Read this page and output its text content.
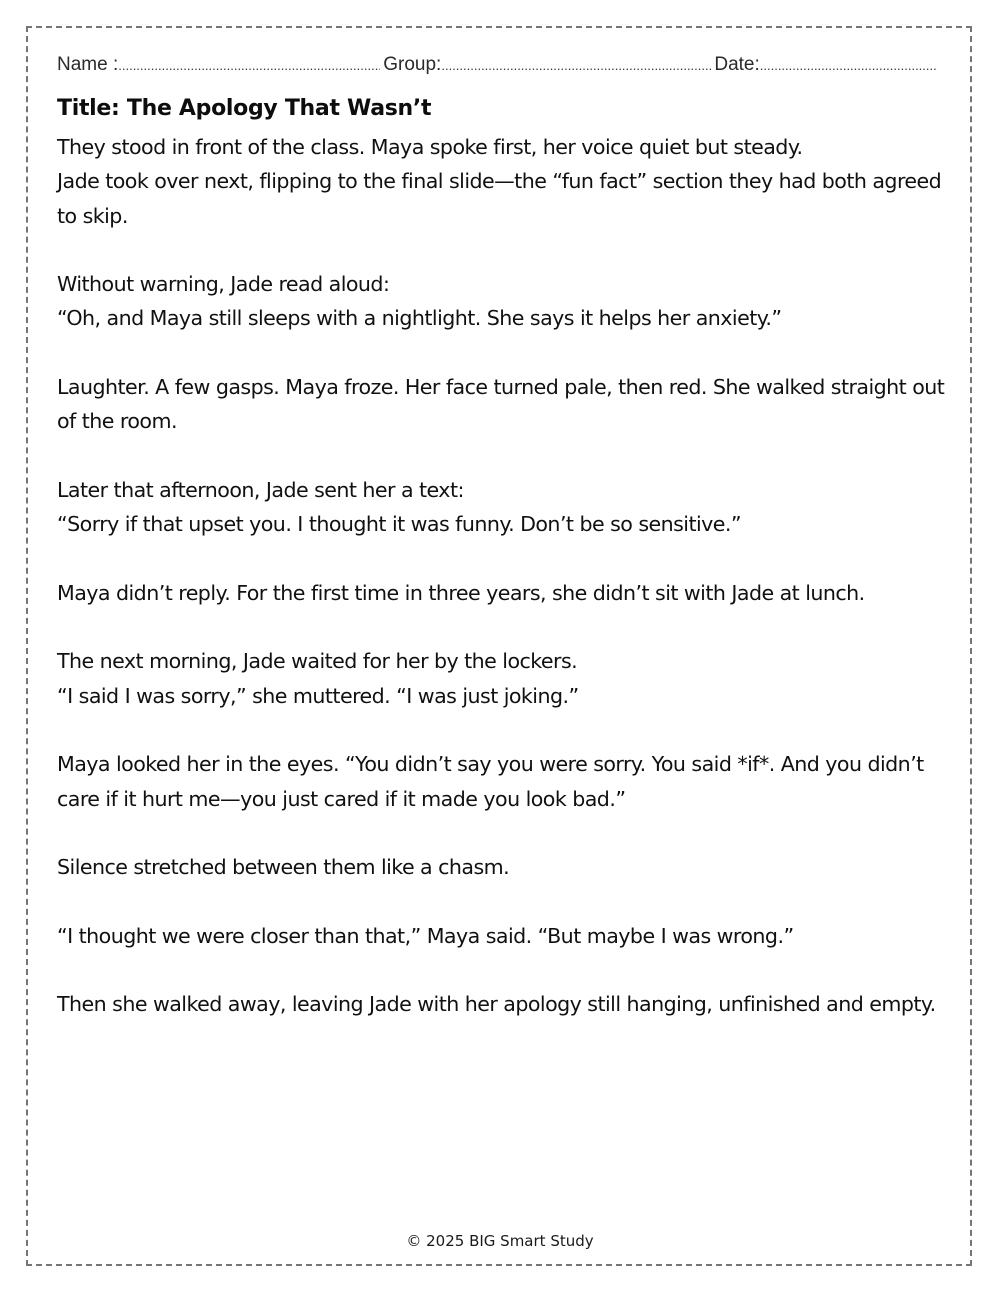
Name : .....	Group: .....	Date:
.....
Title: The Apology That Wasn’t

They stood in front of the class. Maya spoke first, her voice quiet but steady.
Jade took over next, flipping to the final slide—the “fun fact” section they had both agreed to skip.

Without warning, Jade read aloud:
“Oh, and Maya still sleeps with a nightlight. She says it helps her anxiety.”

Laughter. A few gasps. Maya froze. Her face turned pale, then red. She walked straight out of the room.

Later that afternoon, Jade sent her a text:
“Sorry if that upset you. I thought it was funny. Don’t be so sensitive.”

Maya didn’t reply. For the first time in three years, she didn’t sit with Jade at lunch.

The next morning, Jade waited for her by the lockers.
“I said I was sorry,” she muttered. “I was just joking.”

Maya looked her in the eyes. “You didn’t say you were sorry. You said *if*. And you didn’t care if it hurt me—you just cared if it made you look bad.”

Silence stretched between them like a chasm.

“I thought we were closer than that,” Maya said. “But maybe I was wrong.”

Then she walked away, leaving Jade with her apology still hanging, unfinished and empty.

© 2025 BIG Smart Study
